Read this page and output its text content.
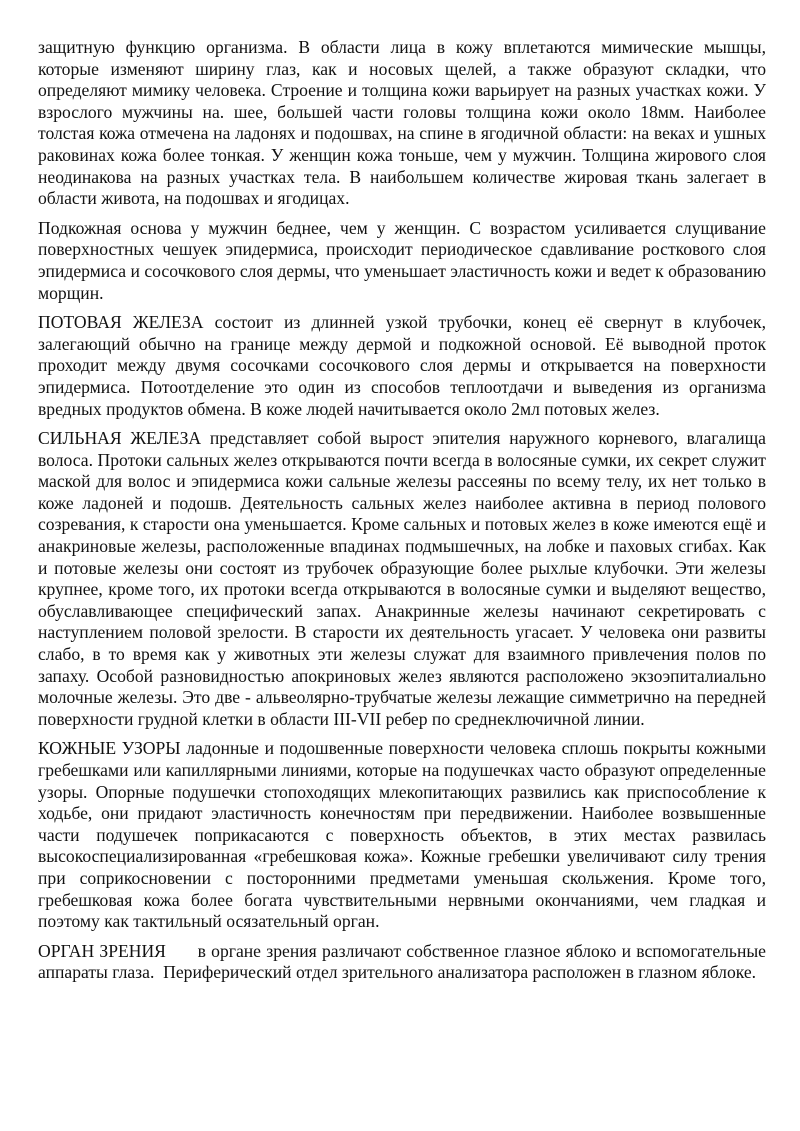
защитную функцию организма. В области лица в кожу вплетаются мимические мышцы, которые изменяют ширину глаз, как и носовых щелей, а также образуют складки, что определяют мимику человека. Строение и толщина кожи варьирует на разных участках кожи. У взрослого мужчины на. шее, большей части головы толщина кожи около 18мм. Наиболее толстая кожа отмечена на ладонях и подошвах, на спине в ягодичной области: на веках и ушных раковинах кожа более тонкая. У женщин кожа тоньше, чем у мужчин. Толщина жирового слоя неодинакова на разных участках тела. В наибольшем количестве жировая ткань залегает в области живота, на подошвах и ягодицах.

Подкожная основа у мужчин беднее, чем у женщин. С возрастом усиливается слущивание поверхностных чешуек эпидермиса, происходит периодическое сдавливание росткового слоя эпидермиса и сосочкового слоя дермы, что уменьшает эластичность кожи и ведет к образованию морщин.

ПОТОВАЯ ЖЕЛЕЗА состоит из длинней узкой трубочки, конец её свернут в клубочек, залегающий обычно на границе между дермой и подкожной основой. Её выводной проток проходит между двумя сосочками сосочкового слоя дермы и открывается на поверхности эпидермиса. Потоотделение это один из способов теплоотдачи и выведения из организма вредных продуктов обмена. В коже людей начитывается около 2мл потовых желез.

СИЛЬНАЯ ЖЕЛЕЗА представляет собой вырост эпителия наружного корневого, влагалища волоса. Протоки сальных желез открываются почти всегда в волосяные сумки, их секрет служит маской для волос и эпидермиса кожи сальные железы рассеяны по всему телу, их нет только в коже ладоней и подошв. Деятельность сальных желез наиболее активна в период полового созревания, к старости она уменьшается. Кроме сальных и потовых желез в коже имеются ещё и анакриновые железы, расположенные впадинах подмышечных, на лобке и паховых сгибах. Как и потовые железы они состоят из трубочек образующие более рыхлые клубочки. Эти железы крупнее, кроме того, их протоки всегда открываются в волосяные сумки и выделяют вещество, обуславливающее специфический запах. Анакринные железы начинают секретировать с наступлением половой зрелости. В старости их деятельность угасает. У человека они развиты слабо, в то время как у животных эти железы служат для взаимного привлечения полов по запаху. Особой разновидностью апокриновых желез являются расположено экзоэпиталиально молочные железы. Это две - альвеолярно-трубчатые железы лежащие симметрично на передней поверхности грудной клетки в области III-VII ребер по среднеключичной линии.

КОЖНЫЕ УЗОРЫ ладонные и подошвенные поверхности человека сплошь покрыты кожными гребешками или капиллярными линиями, которые на подушечках часто образуют определенные узоры. Опорные подушечки стопоходящих млекопитающих развились как приспособление к ходьбе, они придают эластичность конечностям при передвижении. Наиболее возвышенные части подушечек поприкасаются с поверхность объектов, в этих местах развилась высокоспециализированная «гребешковая кожа». Кожные гребешки увеличивают силу трения при соприкосновении с посторонними предметами уменьшая скольжения. Кроме того, гребешковая кожа более богата чувствительными нервными окончаниями, чем гладкая и поэтому как тактильный осязательный орган.

ОРГАН ЗРЕНИЯ      в органе зрения различают собственное глазное яблоко и вспомогательные аппараты глаза.  Периферический отдел зрительного анализатора расположен в глазном яблоке.
